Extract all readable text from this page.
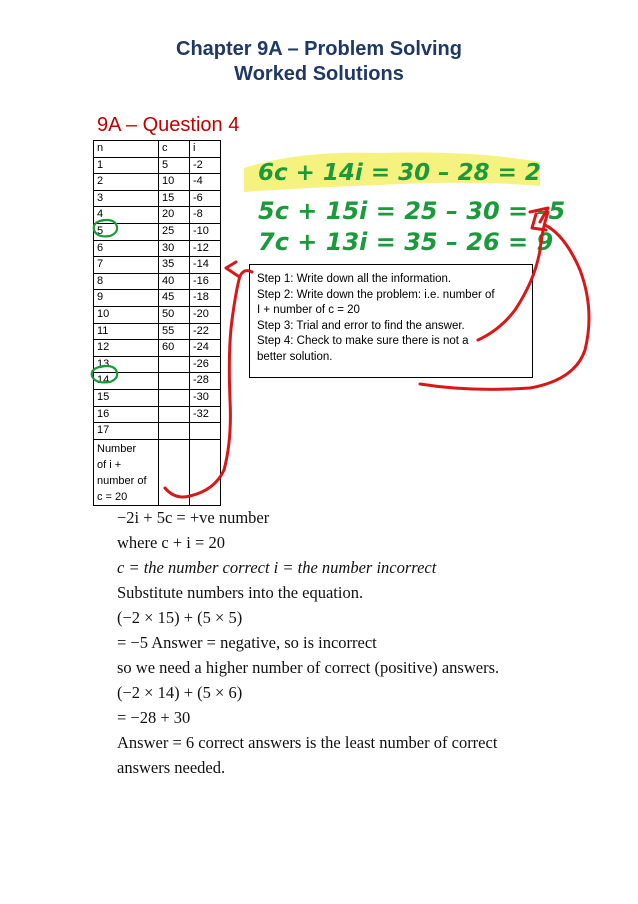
Chapter 9A – Problem Solving
Worked Solutions
9A – Question 4
n	c	i
1	5	-2
2	10	-4
3	15	-6
4	20	-8
5	25	-10
6	30	-12
7	35	-14
8	40	-16
9	45	-18
10	50	-20
11	55	-22
12	60	-24
13		-26
14		-28
15		-30
16		-32
17		

Number
of i +
number of
c = 20		

6c + 14i = 30 – 28 = 2
5c + 15i = 25 – 30 = –5
7c + 13i = 35 – 26 = 9
Step 1: Write down all the information.
Step 2: Write down the problem: i.e. number of
I + number of c = 20
Step 3: Trial and error to find the answer.
Step 4: Check to make sure there is not a
better solution.
−2i + 5c = +ve number
where c + i = 20
c = the number correct i = the number incorrect
Substitute numbers into the equation.
(−2 × 15) + (5 × 5)
= −5 Answer = negative, so is incorrect
so we need a higher number of correct (positive) answers.
(−2 × 14) + (5 × 6)
= −28 + 30
Answer = 6 correct answers is the least number of correct
answers needed.
